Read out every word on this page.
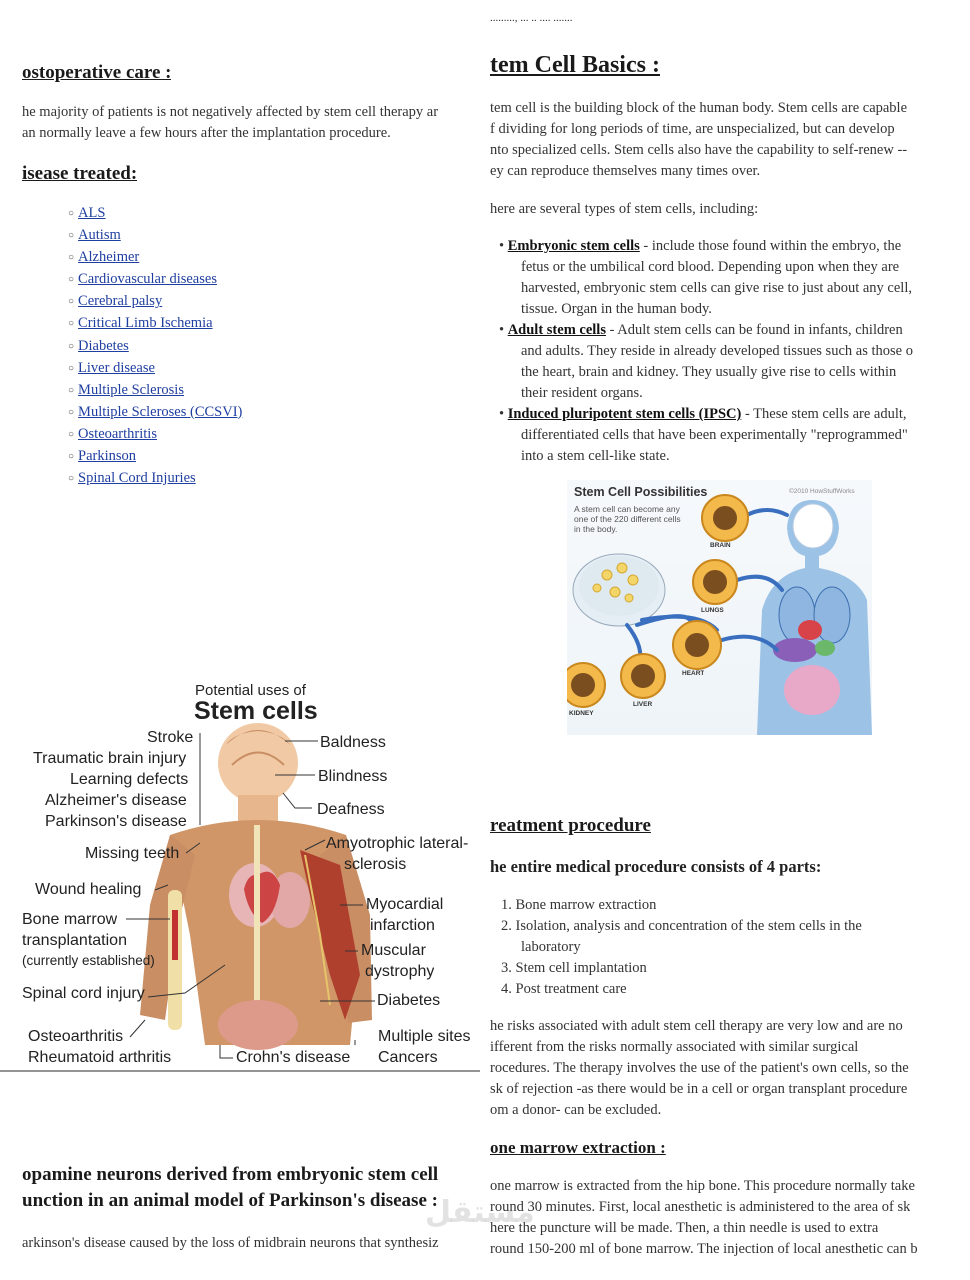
ostoperative care :
he majority of patients is not negatively affected by stem cell therapy ar
an normally leave a few hours after the implantation procedure.
isease treated:
○ ALS
○ Autism
○ Alzheimer
○ Cardiovascular diseases
○ Cerebral palsy
○ Critical Limb Ischemia
○ Diabetes
○ Liver disease
○ Multiple Sclerosis
○ Multiple Scleroses (CCSVI)
○ Osteoarthritis
○ Parkinson
○ Spinal Cord Injuries
Potential uses of
Stem cells
Stroke
Traumatic brain injury
Learning defects
Alzheimer's disease
Parkinson's disease
Missing teeth
Wound healing
Bone marrow
transplantation
(currently established)
Spinal cord injury
Osteoarthritis
Rheumatoid arthritis
Baldness
Blindness
Deafness
Amyotrophic lateral-
sclerosis
Myocardial
infarction
Muscular
dystrophy
Diabetes
Multiple sites
Cancers
Crohn's disease
opamine neurons derived from embryonic stem cell
unction in an animal model of Parkinson's disease :
arkinson's disease caused by the loss of midbrain neurons that synthesiz
........., ... .. .... .......
tem Cell Basics :
tem cell is the building block of the human body. Stem cells are capable
f dividing for long periods of time, are unspecialized, but can develop
nto specialized cells. Stem cells also have the capability to self-renew --
ey can reproduce themselves many times over.
here are several types of stem cells, including:
• Embryonic stem cells - include those found within the embryo, the
fetus or the umbilical cord blood. Depending upon when they are
harvested, embryonic stem cells can give rise to just about any cell,
tissue. Organ in the human body.
• Adult stem cells - Adult stem cells can be found in infants, children
and adults. They reside in already developed tissues such as those o
the heart, brain and kidney. They usually give rise to cells within
their resident organs.
• Induced pluripotent stem cells (IPSC) - These stem cells are adult,
differentiated cells that have been experimentally "reprogrammed"
into a stem cell-like state.
Stem Cell Possibilities	©2010 HowStuffWorks
A stem cell can become any
one of the 220 different cells
in the body.
BRAIN
LUNGS
HEART
LIVER
KIDNEY
reatment procedure
he entire medical procedure consists of 4 parts:
1. Bone marrow extraction
2. Isolation, analysis and concentration of the stem cells in the
laboratory
3. Stem cell implantation
4. Post treatment care
he risks associated with adult stem cell therapy are very low and are no
ifferent from the risks normally associated with similar surgical
rocedures. The therapy involves the use of the patient's own cells, so the
sk of rejection -as there would be in a cell or organ transplant procedure
om a donor- can be excluded.
one marrow extraction :
one marrow is extracted from the hip bone. This procedure normally take
round 30 minutes. First, local anesthetic is administered to the area of sk
here the puncture will be made. Then, a thin needle is used to extra
round 150-200 ml of bone marrow. The injection of local anesthetic can b
مستقل
